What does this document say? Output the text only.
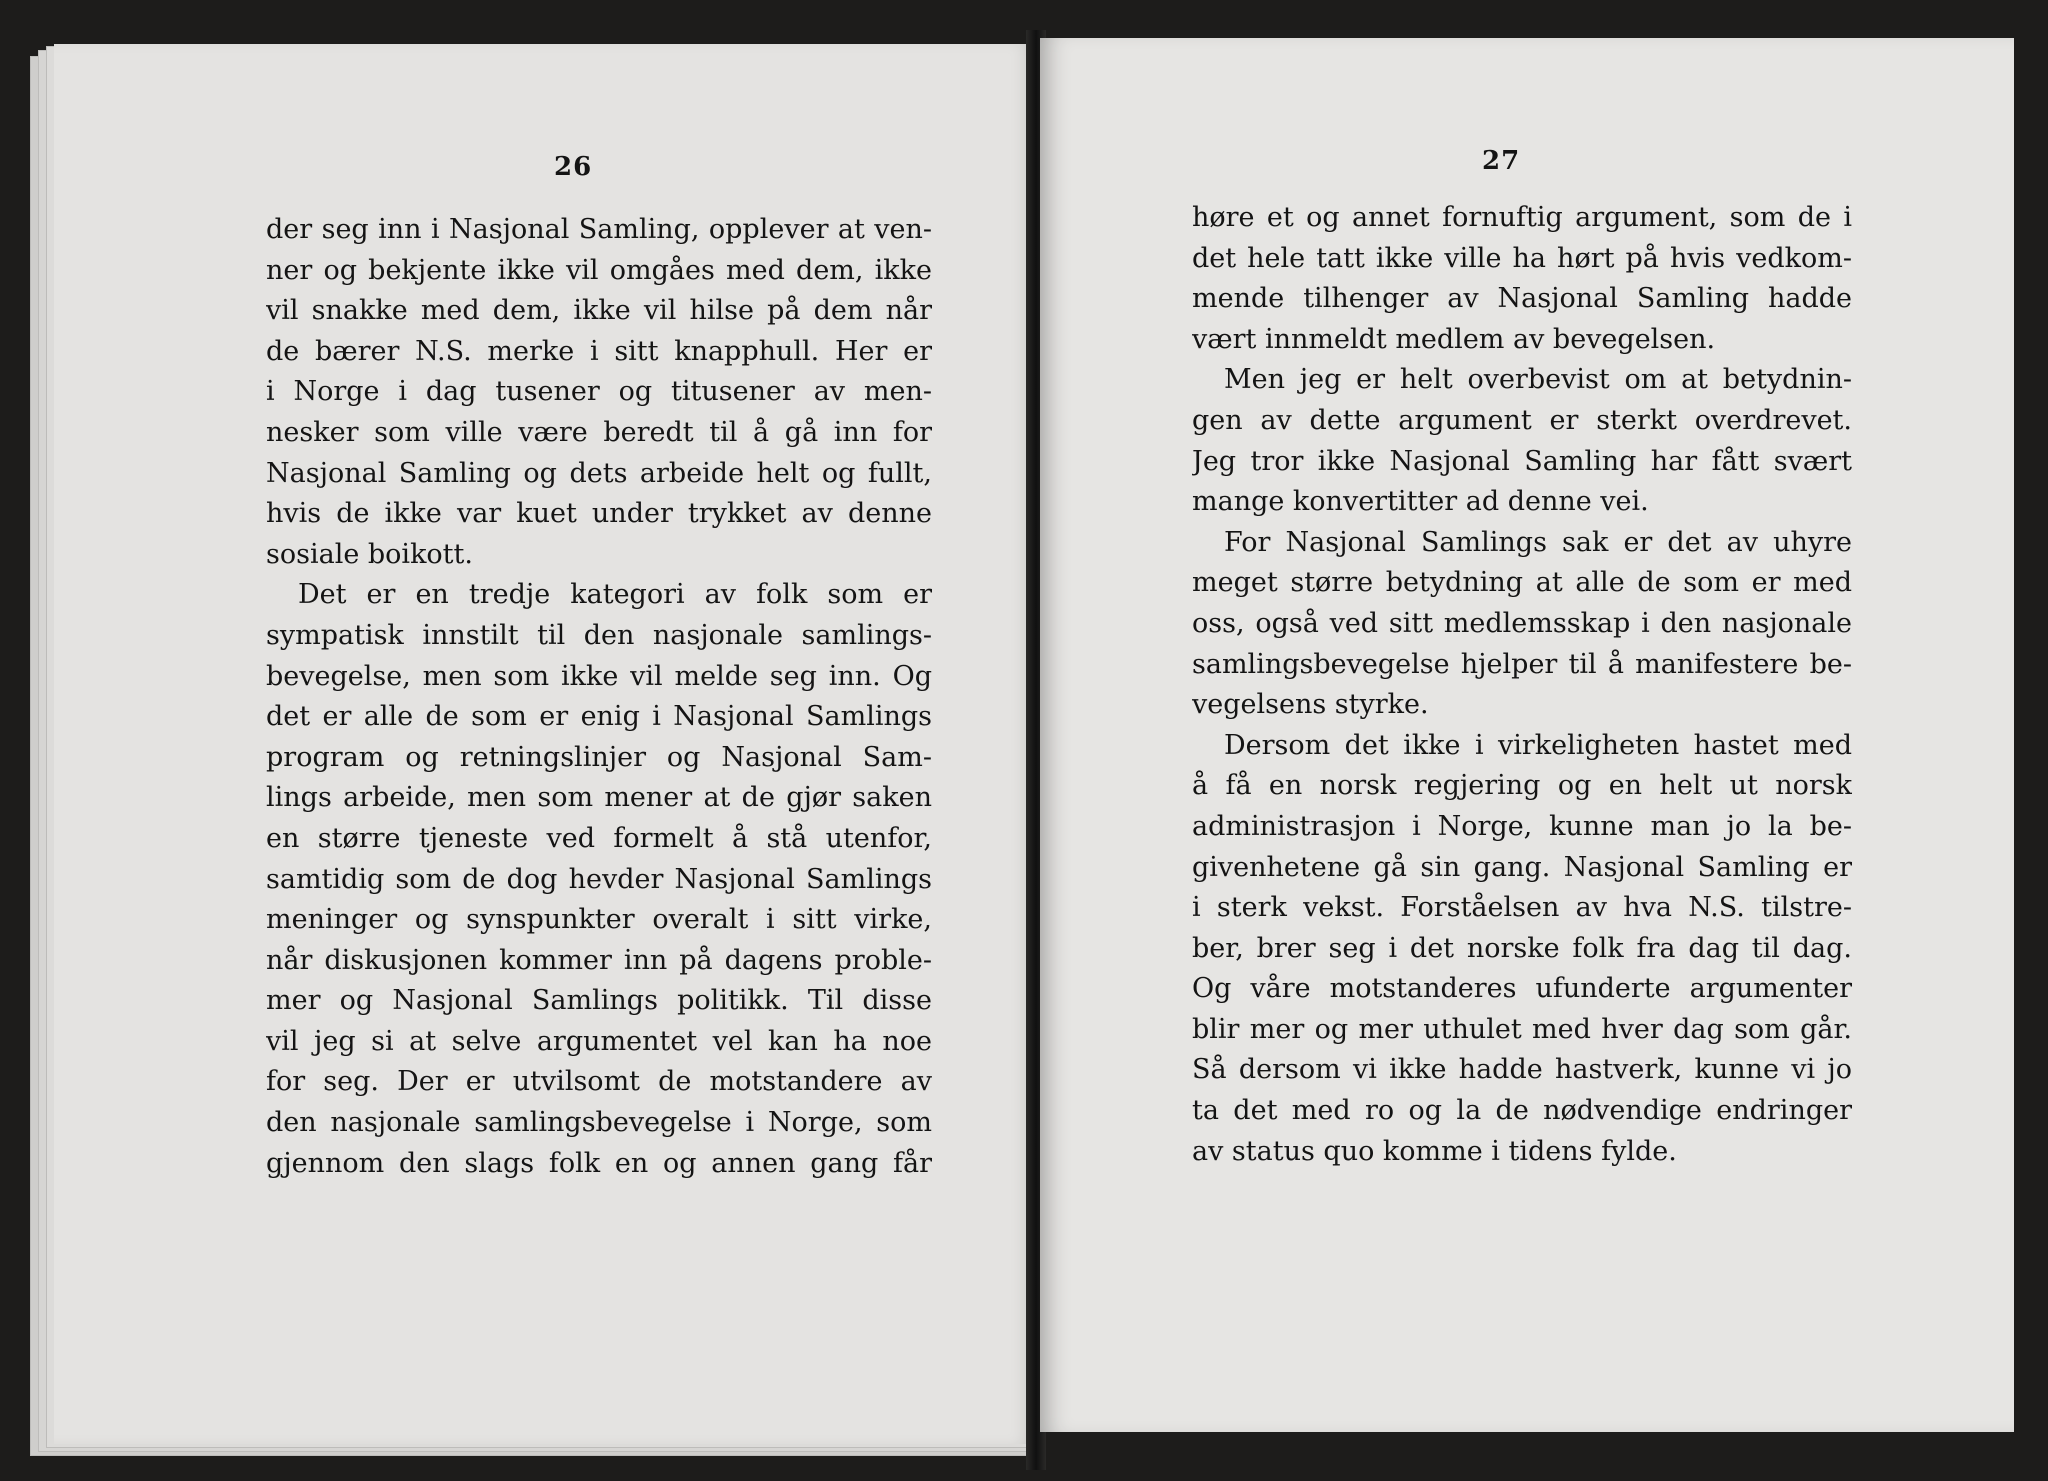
26
der seg inn i Nasjonal Samling, opplever at ven-
ner og bekjente ikke vil omgåes med dem, ikke
vil snakke med dem, ikke vil hilse på dem når
de bærer N.S. merke i sitt knapphull. Her er
i Norge i dag tusener og titusener av men-
nesker som ville være beredt til å gå inn for
Nasjonal Samling og dets arbeide helt og fullt,
hvis de ikke var kuet under trykket av denne
sosiale boikott.
Det er en tredje kategori av folk som er
sympatisk innstilt til den nasjonale samlings-
bevegelse, men som ikke vil melde seg inn. Og
det er alle de som er enig i Nasjonal Samlings
program og retningslinjer og Nasjonal Sam-
lings arbeide, men som mener at de gjør saken
en større tjeneste ved formelt å stå utenfor,
samtidig som de dog hevder Nasjonal Samlings
meninger og synspunkter overalt i sitt virke,
når diskusjonen kommer inn på dagens proble-
mer og Nasjonal Samlings politikk. Til disse
vil jeg si at selve argumentet vel kan ha noe
for seg. Der er utvilsomt de motstandere av
den nasjonale samlingsbevegelse i Norge, som
gjennom den slags folk en og annen gang får
27
høre et og annet fornuftig argument, som de i
det hele tatt ikke ville ha hørt på hvis vedkom-
mende tilhenger av Nasjonal Samling hadde
vært innmeldt medlem av bevegelsen.
Men jeg er helt overbevist om at betydnin-
gen av dette argument er sterkt overdrevet.
Jeg tror ikke Nasjonal Samling har fått svært
mange konvertitter ad denne vei.
For Nasjonal Samlings sak er det av uhyre
meget større betydning at alle de som er med
oss, også ved sitt medlemsskap i den nasjonale
samlingsbevegelse hjelper til å manifestere be-
vegelsens styrke.
Dersom det ikke i virkeligheten hastet med
å få en norsk regjering og en helt ut norsk
administrasjon i Norge, kunne man jo la be-
givenhetene gå sin gang. Nasjonal Samling er
i sterk vekst. Forståelsen av hva N.S. tilstre-
ber, brer seg i det norske folk fra dag til dag.
Og våre motstanderes ufunderte argumenter
blir mer og mer uthulet med hver dag som går.
Så dersom vi ikke hadde hastverk, kunne vi jo
ta det med ro og la de nødvendige endringer
av status quo komme i tidens fylde.
